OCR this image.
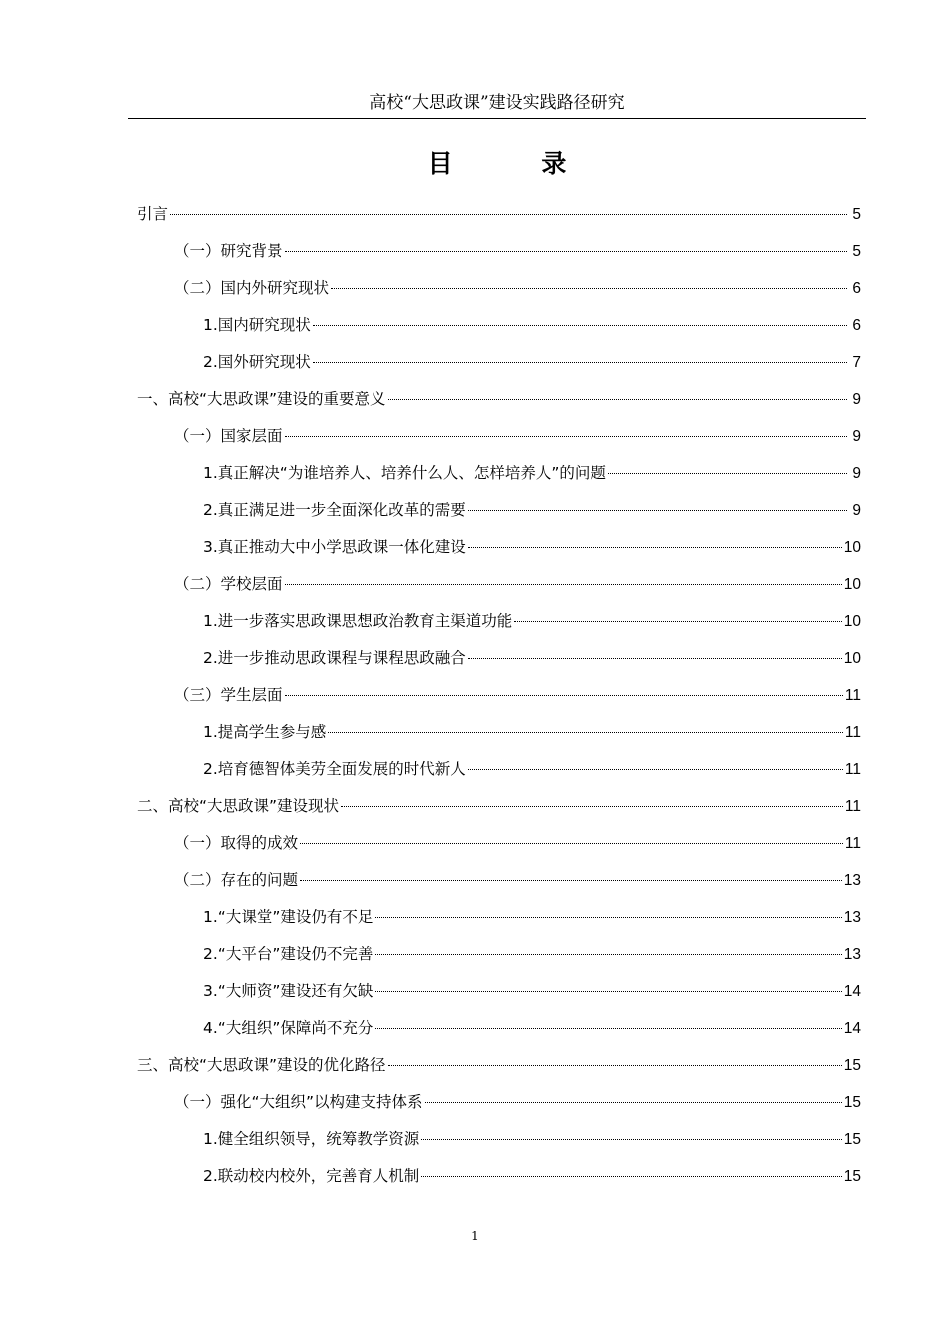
高校“大思政课”建设实践路径研究
目 录
引言	5
（一）研究背景	5
（二）国内外研究现状	6
1.国内研究现状	6
2.国外研究现状	7
一、高校“大思政课”建设的重要意义	9
（一）国家层面	9
1.真正解决“为谁培养人、培养什么人、怎样培养人”的问题	9
2.真正满足进一步全面深化改革的需要	9
3.真正推动大中小学思政课一体化建设	10
（二）学校层面	10
1.进一步落实思政课思想政治教育主渠道功能	10
2.进一步推动思政课程与课程思政融合	10
（三）学生层面	11
1.提高学生参与感	11
2.培育德智体美劳全面发展的时代新人	11
二、高校“大思政课”建设现状	11
（一）取得的成效	11
（二）存在的问题	13
1.“大课堂”建设仍有不足	13
2.“大平台”建设仍不完善	13
3.“大师资”建设还有欠缺	14
4.“大组织”保障尚不充分	14
三、高校“大思政课”建设的优化路径	15
（一）强化“大组织”以构建支持体系	15
1.健全组织领导，统筹教学资源	15
2.联动校内校外，完善育人机制	15
1
